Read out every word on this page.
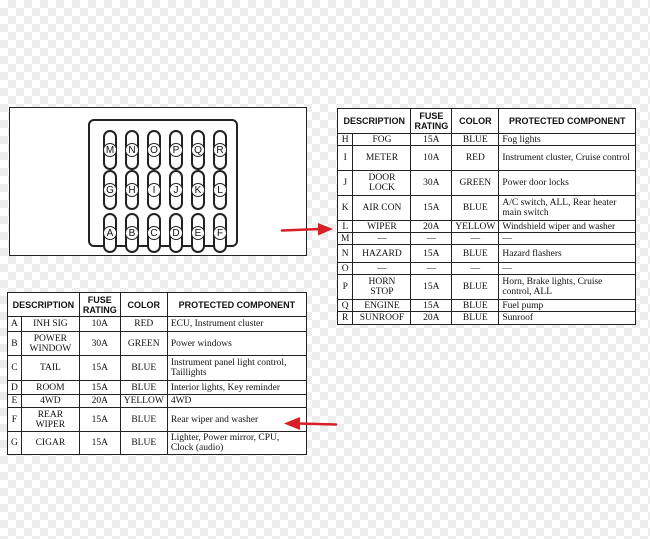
M	N	O	P	Q	R
G	H	I	J	K	L
A	B	C	D	E	F
DESCRIPTION		FUSE RATING	COLOR	PROTECTED COMPONENT
H	FOG	15A	BLUE	Fog lights
I	METER	10A	RED	Instrument cluster, Cruise control
J	DOOR LOCK	30A	GREEN	Power door locks
K	AIR CON	15A	BLUE	A/C switch, ALL, Rear heater main switch
L	WIPER	20A	YELLOW	Windshield wiper and washer
M	—	—	—	—
N	HAZARD	15A	BLUE	Hazard flashers
O	—	—	—	—
P	HORN STOP	15A	BLUE	Horn, Brake lights, Cruise control, ALL
Q	ENGINE	15A	BLUE	Fuel pump
R	SUNROOF	20A	BLUE	Sunroof
DESCRIPTION		FUSE RATING	COLOR	PROTECTED COMPONENT
A	INH SIG	10A	RED	ECU, Instrument cluster
B	POWER WINDOW	30A	GREEN	Power windows
C	TAIL	15A	BLUE	Instrument panel light control, Taillights
D	ROOM	15A	BLUE	Interior lights, Key reminder
E	4WD	20A	YELLOW	4WD
F	REAR WIPER	15A	BLUE	Rear wiper and washer
G	CIGAR	15A	BLUE	Lighter, Power mirror, CPU, Clock (audio)
